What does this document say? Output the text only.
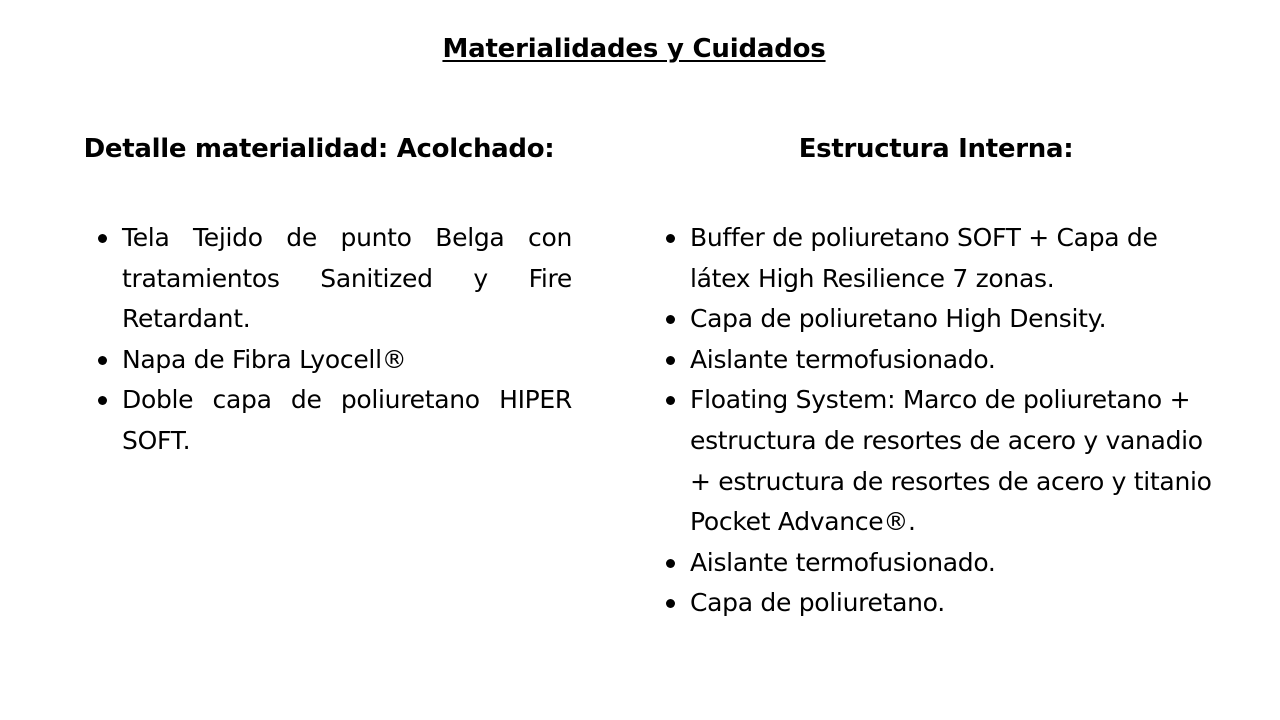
Materialidades y Cuidados
Detalle materialidad: Acolchado:
Tela Tejido de punto Belga con tratamientos Sanitized y Fire Retardant.
Napa de Fibra Lyocell®
Doble capa de poliuretano HIPER SOFT.
Estructura Interna:
Buffer de poliuretano SOFT + Capa de látex High Resilience 7 zonas.
Capa de poliuretano High Density.
Aislante termofusionado.
Floating System: Marco de poliuretano + estructura de resortes de acero y vanadio + estructura de resortes de acero y titanio Pocket Advance®.
Aislante termofusionado.
Capa de poliuretano.
